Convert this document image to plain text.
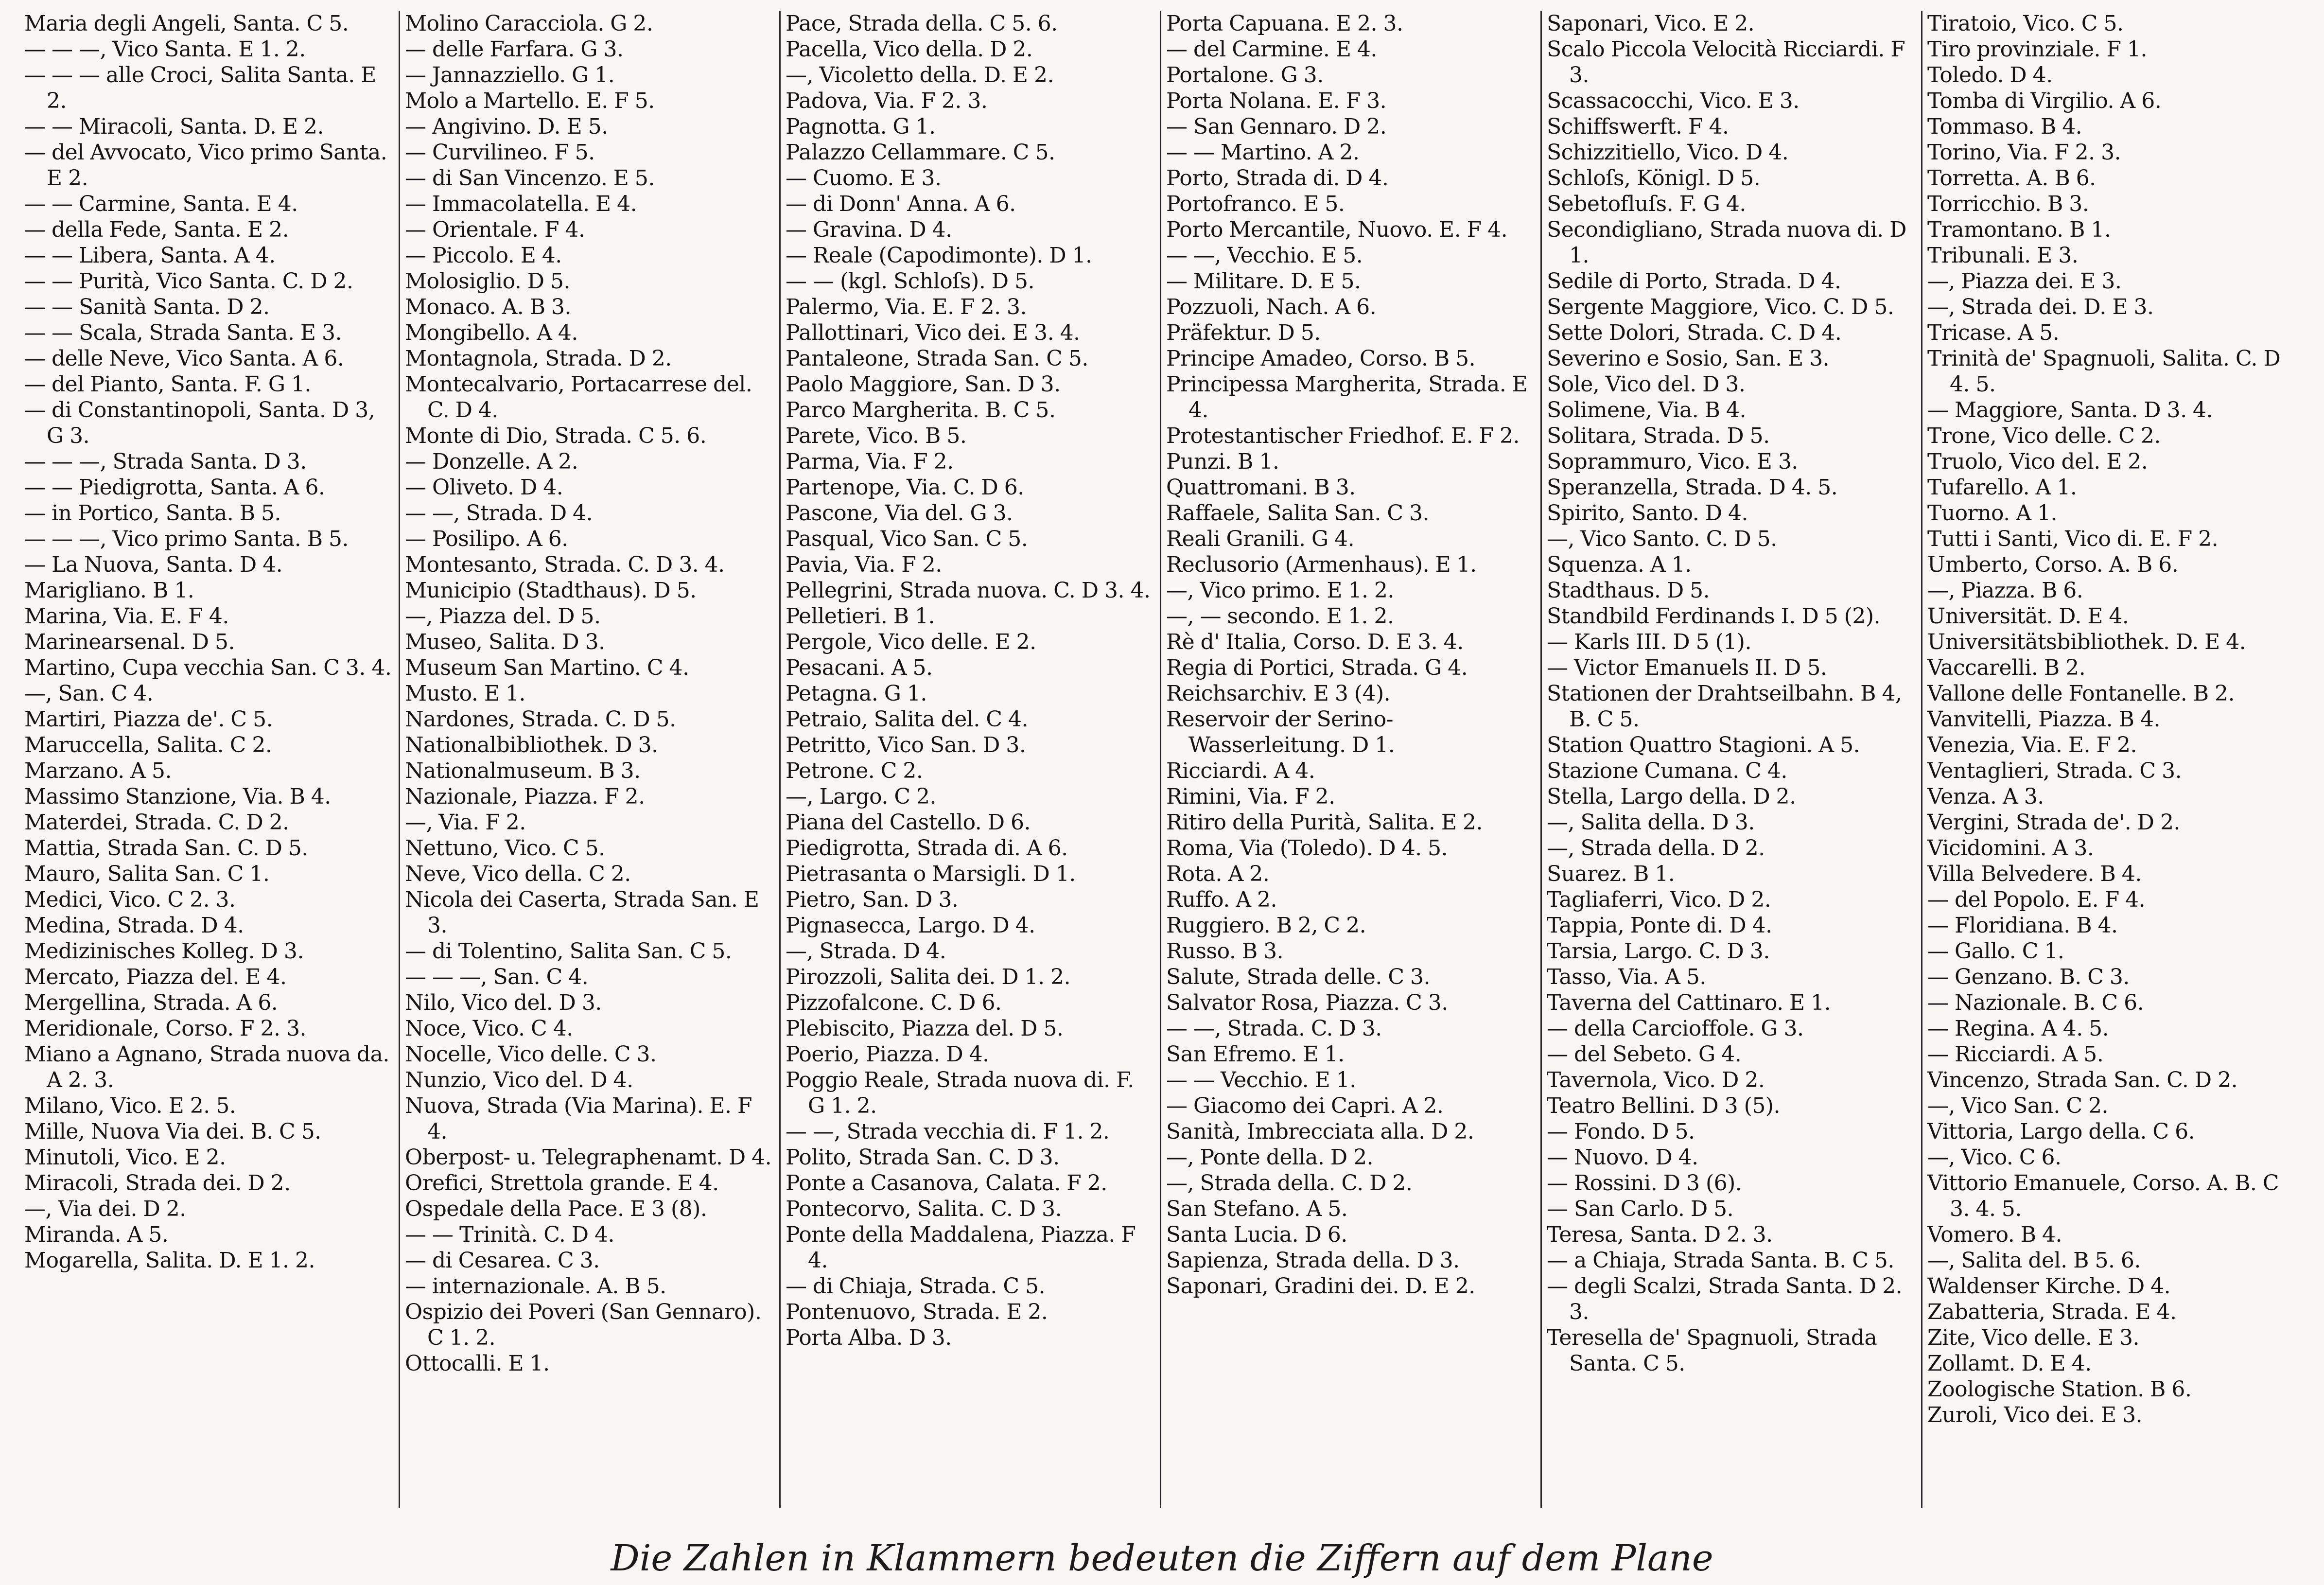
Maria degli Angeli, Santa. C 5.
— — —, Vico Santa. E 1. 2.
— — — alle Croci, Salita Santa. E 2.
— — Miracoli, Santa. D. E 2.
— del Avvocato, Vico primo Santa. E 2.
— — Carmine, Santa. E 4.
— della Fede, Santa. E 2.
— — Libera, Santa. A 4.
— — Purità, Vico Santa. C. D 2.
— — Sanità Santa. D 2.
— — Scala, Strada Santa. E 3.
— delle Neve, Vico Santa. A 6.
— del Pianto, Santa. F. G 1.
— di Constantinopoli, Santa. D 3, G 3.
— — —, Strada Santa. D 3.
— — Piedigrotta, Santa. A 6.
— in Portico, Santa. B 5.
— — —, Vico primo Santa. B 5.
— La Nuova, Santa. D 4.
Marigliano. B 1.
Marina, Via. E. F 4.
Marinearsenal. D 5.
Martino, Cupa vecchia San. C 3. 4.
—, San. C 4.
Martiri, Piazza de'. C 5.
Maruccella, Salita. C 2.
Marzano. A 5.
Massimo Stanzione, Via. B 4.
Materdei, Strada. C. D 2.
Mattia, Strada San. C. D 5.
Mauro, Salita San. C 1.
Medici, Vico. C 2. 3.
Medina, Strada. D 4.
Medizinisches Kolleg. D 3.
Mercato, Piazza del. E 4.
Mergellina, Strada. A 6.
Meridionale, Corso. F 2. 3.
Miano a Agnano, Strada nuova da. A 2. 3.
Milano, Vico. E 2. 5.
Mille, Nuova Via dei. B. C 5.
Minutoli, Vico. E 2.
Miracoli, Strada dei. D 2.
—, Via dei. D 2.
Miranda. A 5.
Mogarella, Salita. D. E 1. 2.
Molino Caracciola. G 2.
— delle Farfara. G 3.
— Jannazziello. G 1.
Molo a Martello. E. F 5.
— Angivino. D. E 5.
— Curvilineo. F 5.
— di San Vincenzo. E 5.
— Immacolatella. E 4.
— Orientale. F 4.
— Piccolo. E 4.
Molosiglio. D 5.
Monaco. A. B 3.
Mongibello. A 4.
Montagnola, Strada. D 2.
Montecalvario, Portacarrese del. C. D 4.
Monte di Dio, Strada. C 5. 6.
— Donzelle. A 2.
— Oliveto. D 4.
— —, Strada. D 4.
— Posilipo. A 6.
Montesanto, Strada. C. D 3. 4.
Municipio (Stadthaus). D 5.
—, Piazza del. D 5.
Museo, Salita. D 3.
Museum San Martino. C 4.
Musto. E 1.
Nardones, Strada. C. D 5.
Nationalbibliothek. D 3.
Nationalmuseum. B 3.
Nazionale, Piazza. F 2.
—, Via. F 2.
Nettuno, Vico. C 5.
Neve, Vico della. C 2.
Nicola dei Caserta, Strada San. E 3.
— di Tolentino, Salita San. C 5.
— — —, San. C 4.
Nilo, Vico del. D 3.
Noce, Vico. C 4.
Nocelle, Vico delle. C 3.
Nunzio, Vico del. D 4.
Nuova, Strada (Via Marina). E. F 4.
Oberpost- u. Telegraphenamt. D 4.
Orefici, Strettola grande. E 4.
Ospedale della Pace. E 3 (8).
— — Trinità. C. D 4.
— di Cesarea. C 3.
— internazionale. A. B 5.
Ospizio dei Poveri (San Gennaro). C 1. 2.
Ottocalli. E 1.
Pace, Strada della. C 5. 6.
Pacella, Vico della. D 2.
—, Vicoletto della. D. E 2.
Padova, Via. F 2. 3.
Pagnotta. G 1.
Palazzo Cellammare. C 5.
— Cuomo. E 3.
— di Donn' Anna. A 6.
— Gravina. D 4.
— Reale (Capodimonte). D 1.
— — (kgl. Schloſs). D 5.
Palermo, Via. E. F 2. 3.
Pallottinari, Vico dei. E 3. 4.
Pantaleone, Strada San. C 5.
Paolo Maggiore, San. D 3.
Parco Margherita. B. C 5.
Parete, Vico. B 5.
Parma, Via. F 2.
Partenope, Via. C. D 6.
Pascone, Via del. G 3.
Pasqual, Vico San. C 5.
Pavia, Via. F 2.
Pellegrini, Strada nuova. C. D 3. 4.
Pelletieri. B 1.
Pergole, Vico delle. E 2.
Pesacani. A 5.
Petagna. G 1.
Petraio, Salita del. C 4.
Petritto, Vico San. D 3.
Petrone. C 2.
—, Largo. C 2.
Piana del Castello. D 6.
Piedigrotta, Strada di. A 6.
Pietrasanta o Marsigli. D 1.
Pietro, San. D 3.
Pignasecca, Largo. D 4.
—, Strada. D 4.
Pirozzoli, Salita dei. D 1. 2.
Pizzofalcone. C. D 6.
Plebiscito, Piazza del. D 5.
Poerio, Piazza. D 4.
Poggio Reale, Strada nuova di. F. G 1. 2.
— —, Strada vecchia di. F 1. 2.
Polito, Strada San. C. D 3.
Ponte a Casanova, Calata. F 2.
Pontecorvo, Salita. C. D 3.
Ponte della Maddalena, Piazza. F 4.
— di Chiaja, Strada. C 5.
Pontenuovo, Strada. E 2.
Porta Alba. D 3.
Porta Capuana. E 2. 3.
— del Carmine. E 4.
Portalone. G 3.
Porta Nolana. E. F 3.
— San Gennaro. D 2.
— — Martino. A 2.
Porto, Strada di. D 4.
Portofranco. E 5.
Porto Mercantile, Nuovo. E. F 4.
— —, Vecchio. E 5.
— Militare. D. E 5.
Pozzuoli, Nach. A 6.
Präfektur. D 5.
Principe Amadeo, Corso. B 5.
Principessa Margherita, Strada. E 4.
Protestantischer Friedhof. E. F 2.
Punzi. B 1.
Quattromani. B 3.
Raffaele, Salita San. C 3.
Reali Granili. G 4.
Reclusorio (Armenhaus). E 1.
—, Vico primo. E 1. 2.
—, — secondo. E 1. 2.
Rè d' Italia, Corso. D. E 3. 4.
Regia di Portici, Strada. G 4.
Reichsarchiv. E 3 (4).
Reservoir der Serino-Wasserleitung. D 1.
Ricciardi. A 4.
Rimini, Via. F 2.
Ritiro della Purità, Salita. E 2.
Roma, Via (Toledo). D 4. 5.
Rota. A 2.
Ruffo. A 2.
Ruggiero. B 2, C 2.
Russo. B 3.
Salute, Strada delle. C 3.
Salvator Rosa, Piazza. C 3.
— —, Strada. C. D 3.
San Efremo. E 1.
— — Vecchio. E 1.
— Giacomo dei Capri. A 2.
Sanità, Imbrecciata alla. D 2.
—, Ponte della. D 2.
—, Strada della. C. D 2.
San Stefano. A 5.
Santa Lucia. D 6.
Sapienza, Strada della. D 3.
Saponari, Gradini dei. D. E 2.
Saponari, Vico. E 2.
Scalo Piccola Velocità Ricciardi. F 3.
Scassacocchi, Vico. E 3.
Schiffswerft. F 4.
Schizzitiello, Vico. D 4.
Schloſs, Königl. D 5.
Sebetofluſs. F. G 4.
Secondigliano, Strada nuova di. D 1.
Sedile di Porto, Strada. D 4.
Sergente Maggiore, Vico. C. D 5.
Sette Dolori, Strada. C. D 4.
Severino e Sosio, San. E 3.
Sole, Vico del. D 3.
Solimene, Via. B 4.
Solitara, Strada. D 5.
Soprammuro, Vico. E 3.
Speranzella, Strada. D 4. 5.
Spirito, Santo. D 4.
—, Vico Santo. C. D 5.
Squenza. A 1.
Stadthaus. D 5.
Standbild Ferdinands I. D 5 (2).
— Karls III. D 5 (1).
— Victor Emanuels II. D 5.
Stationen der Drahtseilbahn. B 4, B. C 5.
Station Quattro Stagioni. A 5.
Stazione Cumana. C 4.
Stella, Largo della. D 2.
—, Salita della. D 3.
—, Strada della. D 2.
Suarez. B 1.
Tagliaferri, Vico. D 2.
Tappia, Ponte di. D 4.
Tarsia, Largo. C. D 3.
Tasso, Via. A 5.
Taverna del Cattinaro. E 1.
— della Carcioffole. G 3.
— del Sebeto. G 4.
Tavernola, Vico. D 2.
Teatro Bellini. D 3 (5).
— Fondo. D 5.
— Nuovo. D 4.
— Rossini. D 3 (6).
— San Carlo. D 5.
Teresa, Santa. D 2. 3.
— a Chiaja, Strada Santa. B. C 5.
— degli Scalzi, Strada Santa. D 2. 3.
Teresella de' Spagnuoli, Strada Santa. C 5.
Tiratoio, Vico. C 5.
Tiro provinziale. F 1.
Toledo. D 4.
Tomba di Virgilio. A 6.
Tommaso. B 4.
Torino, Via. F 2. 3.
Torretta. A. B 6.
Torricchio. B 3.
Tramontano. B 1.
Tribunali. E 3.
—, Piazza dei. E 3.
—, Strada dei. D. E 3.
Tricase. A 5.
Trinità de' Spagnuoli, Salita. C. D 4. 5.
— Maggiore, Santa. D 3. 4.
Trone, Vico delle. C 2.
Truolo, Vico del. E 2.
Tufarello. A 1.
Tuorno. A 1.
Tutti i Santi, Vico di. E. F 2.
Umberto, Corso. A. B 6.
—, Piazza. B 6.
Universität. D. E 4.
Universitätsbibliothek. D. E 4.
Vaccarelli. B 2.
Vallone delle Fontanelle. B 2.
Vanvitelli, Piazza. B 4.
Venezia, Via. E. F 2.
Ventaglieri, Strada. C 3.
Venza. A 3.
Vergini, Strada de'. D 2.
Vicidomini. A 3.
Villa Belvedere. B 4.
— del Popolo. E. F 4.
— Floridiana. B 4.
— Gallo. C 1.
— Genzano. B. C 3.
— Nazionale. B. C 6.
— Regina. A 4. 5.
— Ricciardi. A 5.
Vincenzo, Strada San. C. D 2.
—, Vico San. C 2.
Vittoria, Largo della. C 6.
—, Vico. C 6.
Vittorio Emanuele, Corso. A. B. C 3. 4. 5.
Vomero. B 4.
—, Salita del. B 5. 6.
Waldenser Kirche. D 4.
Zabatteria, Strada. E 4.
Zite, Vico delle. E 3.
Zollamt. D. E 4.
Zoologische Station. B 6.
Zuroli, Vico dei. E 3.
Die Zahlen in Klammern bedeuten die Ziffern auf dem Plane
